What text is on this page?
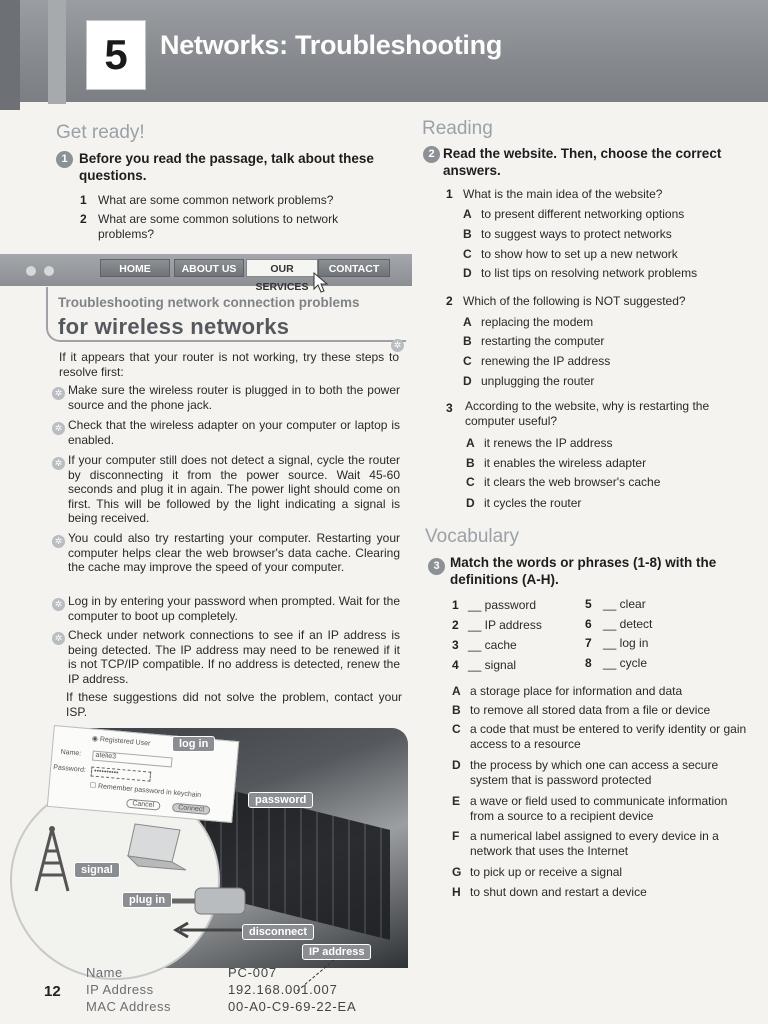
5 Networks: Troubleshooting
Get ready!
1 Before you read the passage, talk about these questions.
1 What are some common network problems?
2 What are some common solutions to network problems?
HOME	ABOUT US	OUR SERVICES
CONTACT
Troubleshooting network connection problems
for wireless networks
✲
If it appears that your router is not working, try these steps to resolve first:
✲ Make sure the wireless router is plugged in to both the power source and the phone jack.
✲ Check that the wireless adapter on your computer or laptop is enabled.
✲ If your computer still does not detect a signal, cycle the router by disconnecting it from the power source. Wait 45-60 seconds and plug it in again. The power light should come on first. This will be followed by the light indicating a signal is being received.
✲ You could also try restarting your computer. Restarting your computer helps clear the web browser's data cache. Clearing the cache may improve the speed of your computer.
✲ Log in by entering your password when prompted. Wait for the computer to boot up completely.
✲ Check under network connections to see if an IP address is being detected. The IP address may need to be renewed if it is not TCP/IP compatible. If no address is detected, renew the IP address.
If these suggestions did not solve the problem, contact your ISP.
◉ Registered User
Name:	atelie3
Password:	••••••••••
☐ Remember password in keychain
Cancel	Connect
log in
password
signal
plug in
disconnect
IP address
Name	PC-007
IP Address	192.168.001.007
MAC Address	00-A0-C9-69-22-EA
12
Reading
2 Read the website. Then, choose the correct answers.
1 What is the main idea of the website?
A to present different networking options
B to suggest ways to protect networks
C to show how to set up a new network
D to list tips on resolving network problems
2 Which of the following is NOT suggested?
A replacing the modem
B restarting the computer
C renewing the IP address
D unplugging the router
3 According to the website, why is restarting the computer useful?
A it renews the IP address
B it enables the wireless adapter
C it clears the web browser's cache
D it cycles the router
Vocabulary
3 Match the words or phrases (1-8) with the definitions (A-H).
1 __ password
2 __ IP address
3 __ cache
4 __ signal
5 __ clear
6 __ detect
7 __ log in
8 __ cycle
A a storage place for information and data
B to remove all stored data from a file or device
C a code that must be entered to verify identity or gain access to a resource
D the process by which one can access a secure system that is password protected
E a wave or field used to communicate information from a source to a recipient device
F a numerical label assigned to every device in a network that uses the Internet
G to pick up or receive a signal
H to shut down and restart a device
